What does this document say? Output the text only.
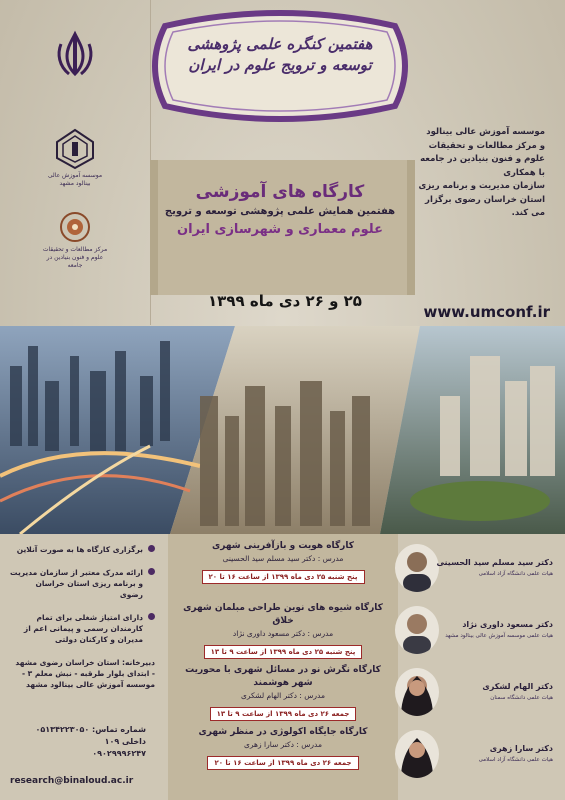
موسسه آموزش عالی بینالود مشهد
مرکز مطالعات و تحقیقات علوم و فنون بنیادین در جامعه
هفتمین کنگره علمی پژوهشی
توسعه و ترویج علوم در ایران
موسسه آموزش عالی بینالود
و مرکز مطالعات و تحقیقات
علوم و فنون بنیادین در جامعه
با همکاری
سازمان مدیریت و برنامه ریزی
استان خراسان رضوی برگزار
می کند.
کارگاه های آموزشی
هفتمین همایش علمی پژوهشی توسعه و ترویج
علوم معماری و شهرسازی ایران
۲۵ و ۲۶ دی ماه ۱۳۹۹
www.umconf.ir
برگزاری کارگاه ها به صورت آنلاین
ارائه مدرک معتبر از سازمان مدیریت و برنامه ریزی استان خراسان رضوی
دارای امتیاز شغلی برای تمام کارمندان رسمی و پیمانی اعم از مدیران و کارکنان دولتی
دبیرخانه: استان خراسان رضوی مشهد - ابتدای بلوار طرقبه - نبش معلم ۳ - موسسه آموزش عالی بینالود مشهد
شماره تماس: ۰۵۱۳۴۲۲۳۰۵۰
داخلی ۱۰۹
۰۹۰۲۹۹۹۶۲۴۷
research@binaloud.ac.ir
کارگاه هویت و بازآفرینی شهری
مدرس : دکتر سید مسلم سید الحسینی
پنج شنبه ۲۵ دی ماه ۱۳۹۹ از ساعت ۱۶ تا ۲۰
کارگاه شیوه های نوین طراحی مبلمان شهری خلاق
مدرس : دکتر مسعود داوری نژاد
پنج شنبه ۲۵ دی ماه ۱۳۹۹ از ساعت ۹ تا ۱۳
کارگاه نگرش نو در مسائل شهری با محوریت شهر هوشمند
مدرس : دکتر الهام لشکری
جمعه ۲۶ دی ماه ۱۳۹۹ از ساعت ۹ تا ۱۳
کارگاه جایگاه اکولوژی در منظر شهری
مدرس : دکتر سارا زهری
جمعه ۲۶ دی ماه ۱۳۹۹ از ساعت ۱۶ تا ۲۰
دکتر سید مسلم سید الحسینی
هیات علمی دانشگاه آزاد اسلامی
دکتر مسعود داوری نژاد
هیات علمی موسسه آموزش عالی بینالود مشهد
دکتر الهام لشکری
هیات علمی دانشگاه سمنان
دکتر سارا زهری
هیات علمی دانشگاه آزاد اسلامی
